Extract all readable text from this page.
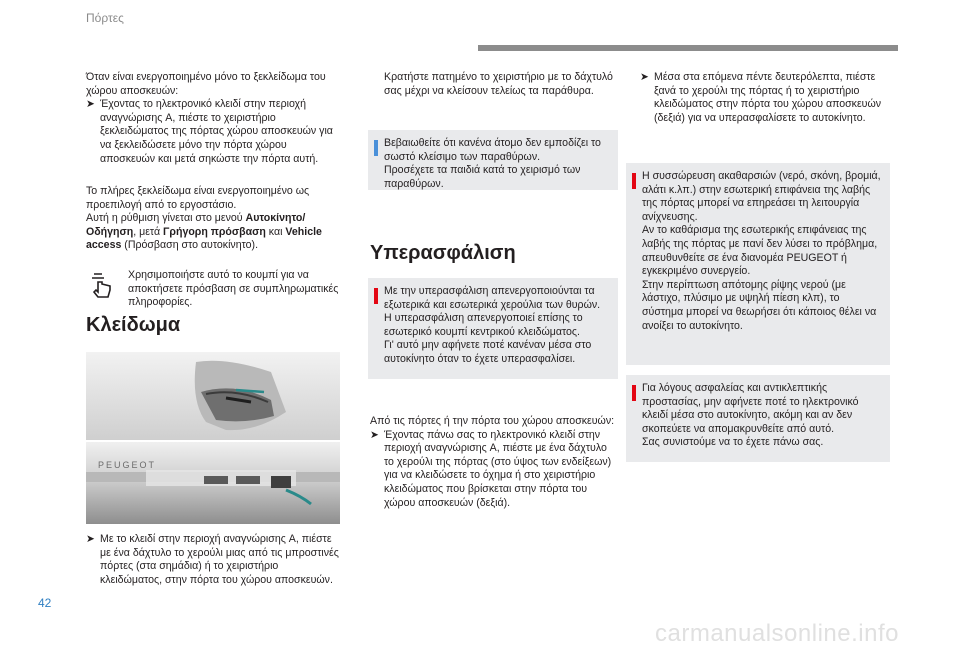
Πόρτες

Όταν είναι ενεργοποιημένο μόνο το ξεκλείδωμα του χώρου αποσκευών:

➤ Έχοντας το ηλεκτρονικό κλειδί στην περιοχή αναγνώρισης A, πιέστε το χειριστήριο ξεκλειδώματος της πόρτας χώρου αποσκευών για να ξεκλειδώσετε μόνο την πόρτα χώρου αποσκευών και μετά σηκώστε την πόρτα αυτή.

Το πλήρες ξεκλείδωμα είναι ενεργοποιημένο ως προεπιλογή από το εργοστάσιο.

Αυτή η ρύθμιση γίνεται στο μενού Αυτοκίνητο/ Οδήγηση, μετά Γρήγορη πρόσβαση και Vehicle access (Πρόσβαση στο αυτοκίνητο).

Χρησιμοποιήστε αυτό το κουμπί για να αποκτήσετε πρόσβαση σε συμπληρωματικές πληροφορίες.
Κλείδωμα
PEUGEOT

➤ Με το κλειδί στην περιοχή αναγνώρισης A, πιέστε με ένα δάχτυλο το χερούλι μιας από τις μπροστινές πόρτες (στα σημάδια) ή το χειριστήριο κλειδώματος, στην πόρτα του χώρου αποσκευών.

Κρατήστε πατημένο το χειριστήριο με το δάχτυλό σας μέχρι να κλείσουν τελείως τα παράθυρα.
Βεβαιωθείτε ότι κανένα άτομο δεν εμποδίζει το σωστό κλείσιμο των παραθύρων.
Προσέχετε τα παιδιά κατά το χειρισμό των παραθύρων.
Υπερασφάλιση
Με την υπερασφάλιση απενεργοποιούνται τα εξωτερικά και εσωτερικά χερούλια των θυρών.
Η υπερασφάλιση απενεργοποιεί επίσης το εσωτερικό κουμπί κεντρικού κλειδώματος.
Γι' αυτό μην αφήνετε ποτέ κανέναν μέσα στο αυτοκίνητο όταν το έχετε υπερασφαλίσει.

Από τις πόρτες ή την πόρτα του χώρου αποσκευών:

➤ Έχοντας πάνω σας το ηλεκτρονικό κλειδί στην περιοχή αναγνώρισης A, πιέστε με ένα δάχτυλο το χερούλι της πόρτας (στο ύψος των ενδείξεων) για να κλειδώσετε το όχημα ή στο χειριστήριο κλειδώματος που βρίσκεται στην πόρτα του χώρου αποσκευών (δεξιά).

➤ Μέσα στα επόμενα πέντε δευτερόλεπτα, πιέστε ξανά το χερούλι της πόρτας ή το χειριστήριο κλειδώματος στην πόρτα του χώρου αποσκευών (δεξιά) για να υπερασφαλίσετε το αυτοκίνητο.

Η συσσώρευση ακαθαρσιών (νερό, σκόνη, βρομιά, αλάτι κ.λπ.) στην εσωτερική επιφάνεια της λαβής της πόρτας μπορεί να επηρεάσει τη λειτουργία ανίχνευσης.
Αν το καθάρισμα της εσωτερικής επιφάνειας της λαβής της πόρτας με πανί δεν λύσει το πρόβλημα, απευθυνθείτε σε ένα διανομέα PEUGEOT ή εγκεκριμένο συνεργείο.
Στην περίπτωση απότομης ρίψης νερού (με λάστιχο, πλύσιμο με υψηλή πίεση κλπ), το σύστημα μπορεί να θεωρήσει ότι κάποιος θέλει να ανοίξει το αυτοκίνητο.
Για λόγους ασφαλείας και αντικλεπτικής προστασίας, μην αφήνετε ποτέ το ηλεκτρονικό κλειδί μέσα στο αυτοκίνητο, ακόμη και αν δεν σκοπεύετε να απομακρυνθείτε από αυτό.
Σας συνιστούμε να το έχετε πάνω σας.
42
carmanualsonline.info
